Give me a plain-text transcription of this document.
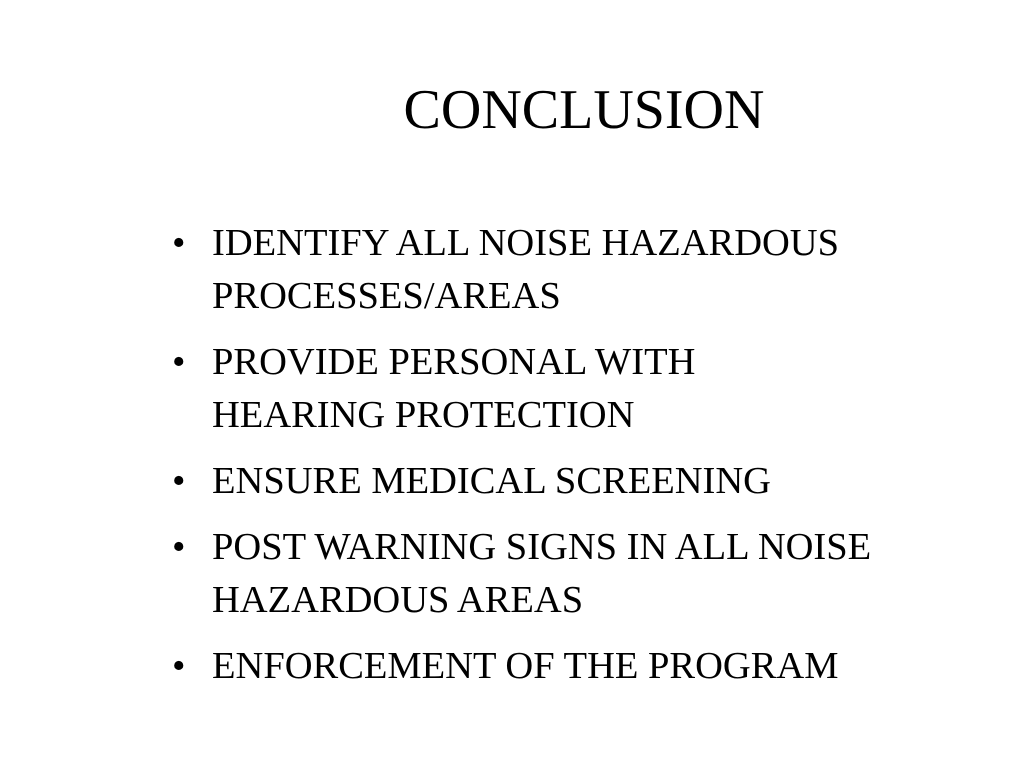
CONCLUSION
• IDENTIFY ALL NOISE HAZARDOUS
PROCESSES/AREAS
• PROVIDE PERSONAL WITH
HEARING PROTECTION
• ENSURE MEDICAL SCREENING
• POST WARNING SIGNS IN ALL NOISE
HAZARDOUS AREAS
• ENFORCEMENT OF THE PROGRAM
